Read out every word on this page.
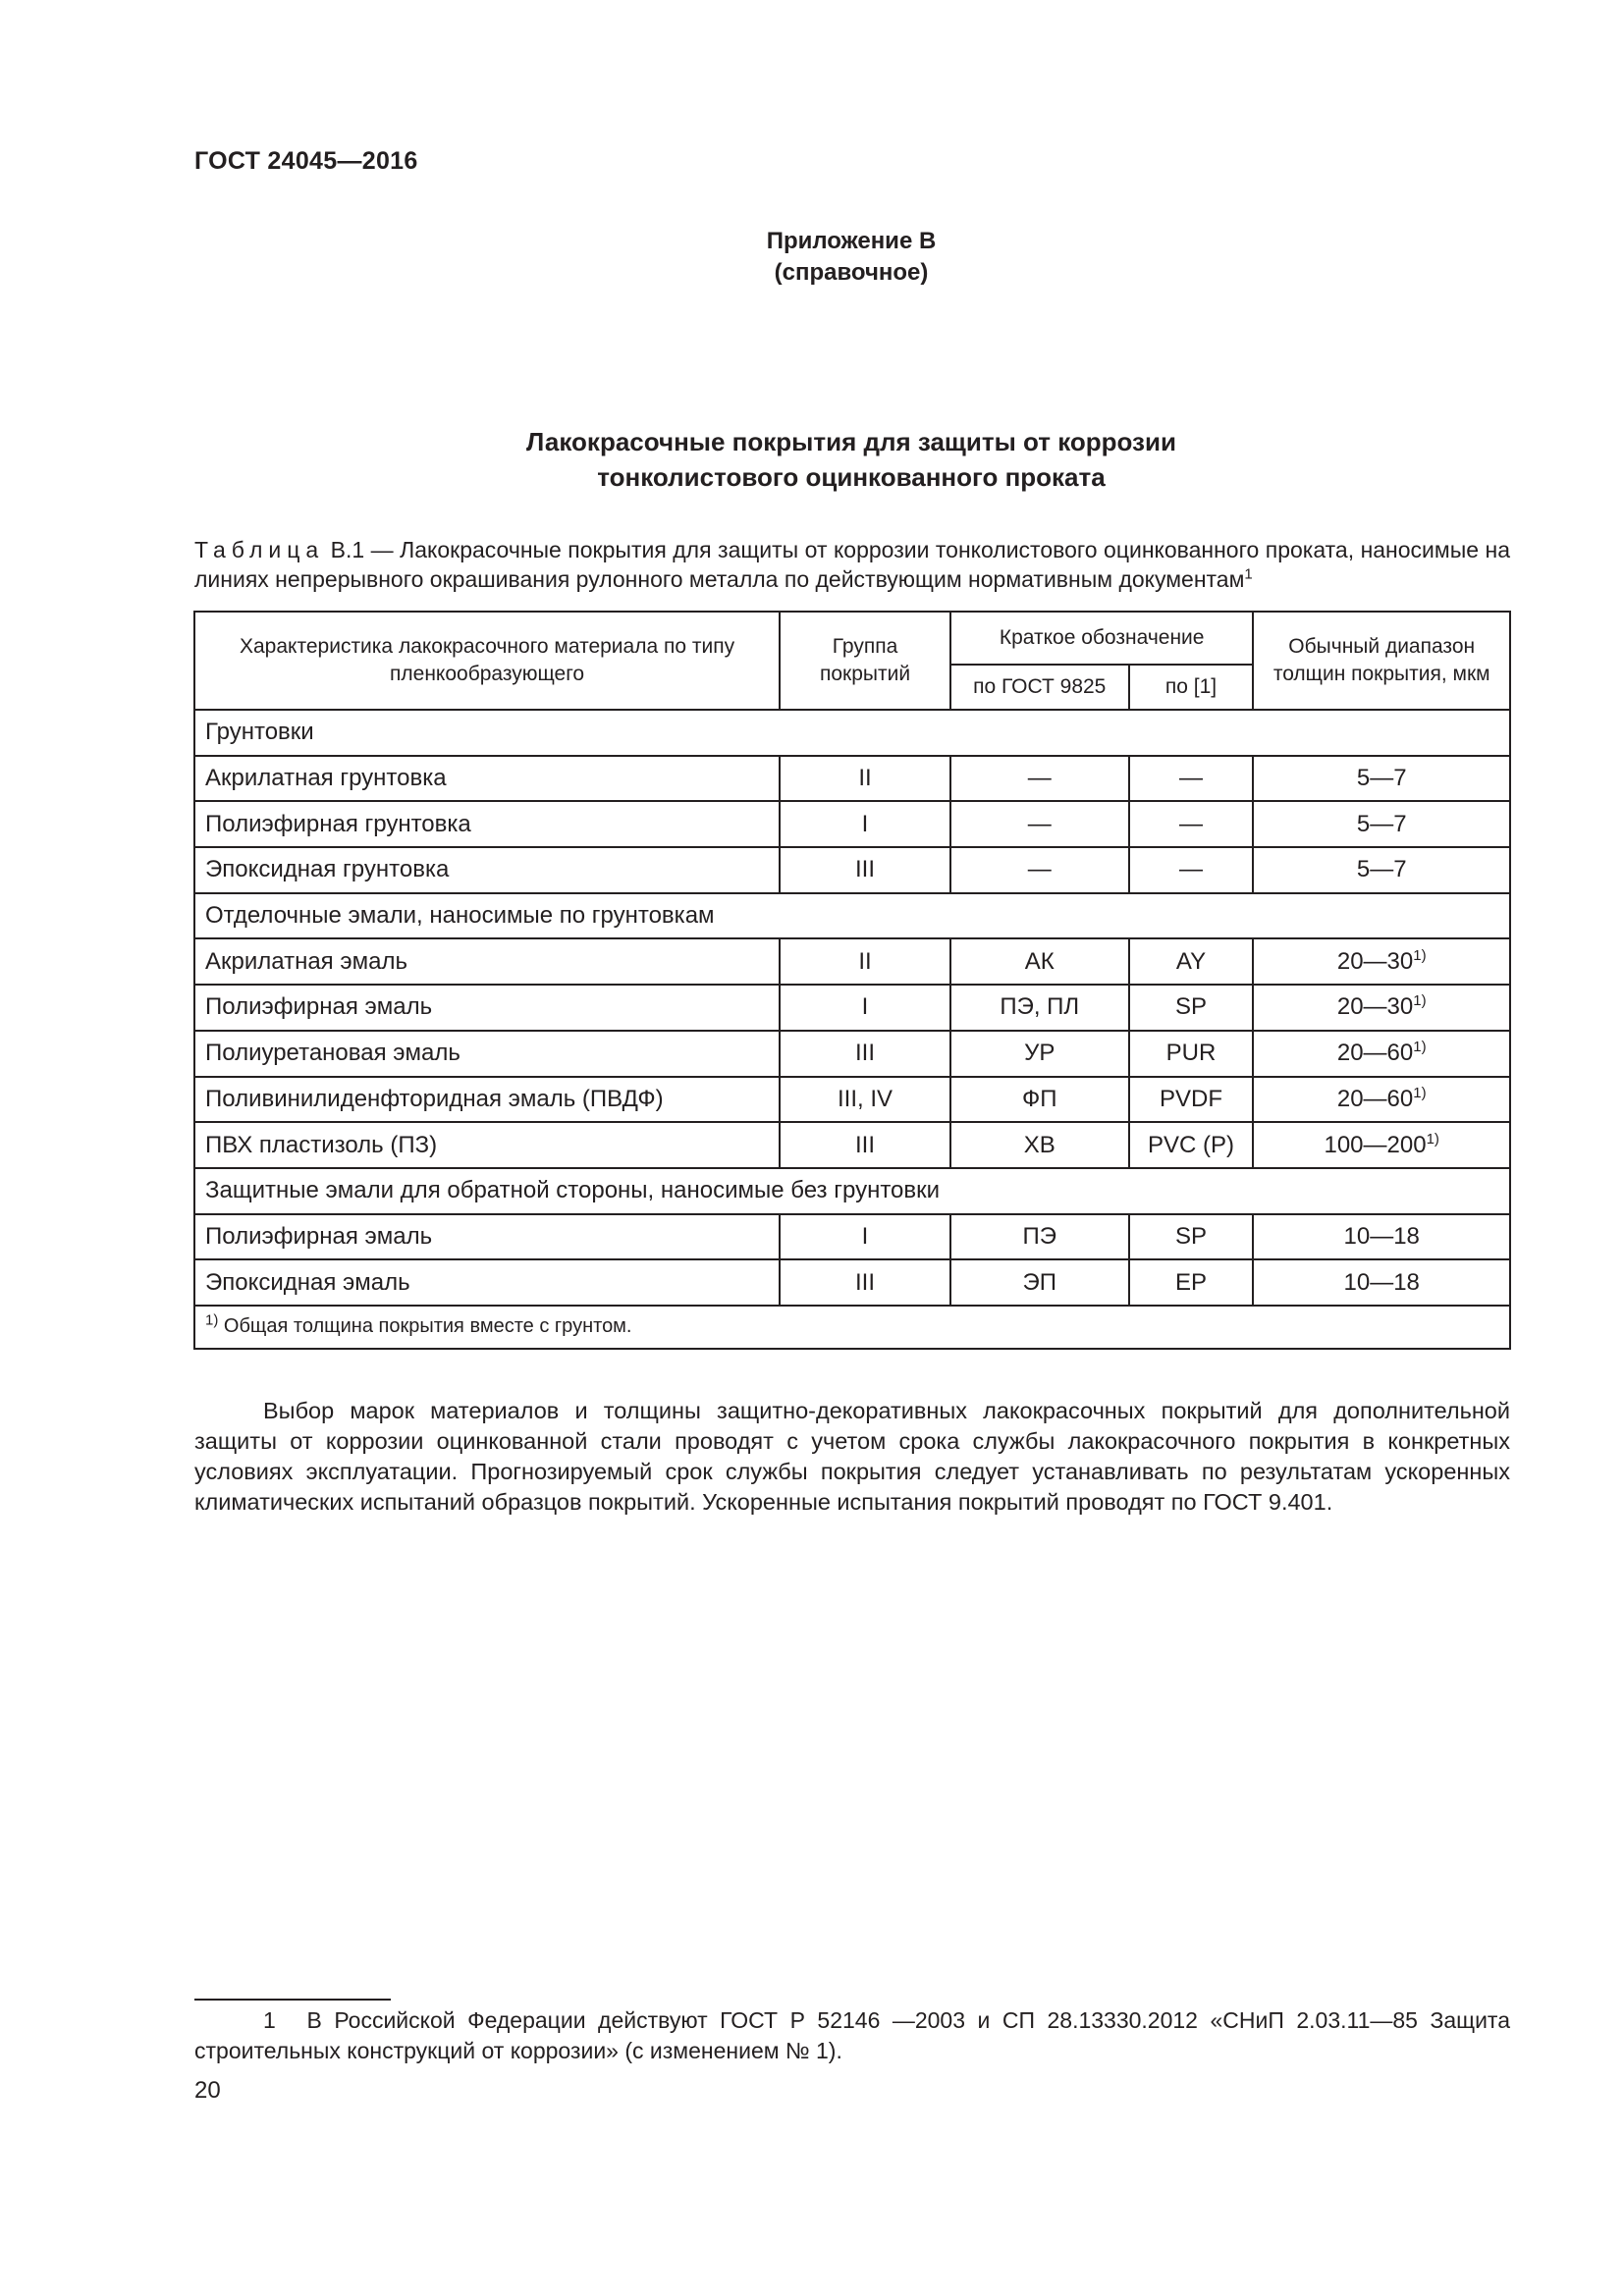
ГОСТ 24045—2016
Приложение В
(справочное)
Лакокрасочные покрытия для защиты от коррозии
тонколистового оцинкованного проката
Таблица В.1 — Лакокрасочные покрытия для защиты от коррозии тонколистового оцинкованного проката, наносимые на линиях непрерывного окрашивания рулонного металла по действующим нормативным документам$^1$
Характеристика лакокрасочного материала по типу пленкообразующего	Группа покрытий	Краткое обозначение		Обычный диапазон толщин покрытия, мкм
		по ГОСТ 9825	по [1]	
Грунтовки				
Акрилатная грунтовка	II	—	—	5—7
Полиэфирная грунтовка	I	—	—	5—7
Эпоксидная грунтовка	III	—	—	5—7
Отделочные эмали, наносимые по грунтовкам				
Акрилатная эмаль	II	АК	AY	20—30$^{1)}$
Полиэфирная эмаль	I	ПЭ, ПЛ	SP	20—30$^{1)}$
Полиуретановая эмаль	III	УР	PUR	20—60$^{1)}$
Поливинилиденфторидная эмаль (ПВДФ)	III, IV	ФП	PVDF	20—60$^{1)}$
ПВХ пластизоль (ПЗ)	III	ХВ	PVC (P)	100—200$^{1)}$
Защитные эмали для обратной стороны, наносимые без грунтовки				
Полиэфирная эмаль	I	ПЭ	SP	10—18
Эпоксидная эмаль	III	ЭП	EP	10—18
$^{1)}$ Общая толщина покрытия вместе с грунтом.				

Выбор марок материалов и толщины защитно-декоративных лакокрасочных покрытий для дополнительной защиты от коррозии оцинкованной стали проводят с учетом срока службы лакокрасочного покрытия в конкретных условиях эксплуатации. Прогнозируемый срок службы покрытия следует устанавливать по результатам ускоренных климатических испытаний образцов покрытий. Ускоренные испытания покрытий проводят по ГОСТ 9.401.

1 В Российской Федерации действуют ГОСТ Р 52146 —2003 и СП 28.13330.2012 «СНиП 2.03.11—85 Защита строительных конструкций от коррозии» (с изменением № 1).
20
